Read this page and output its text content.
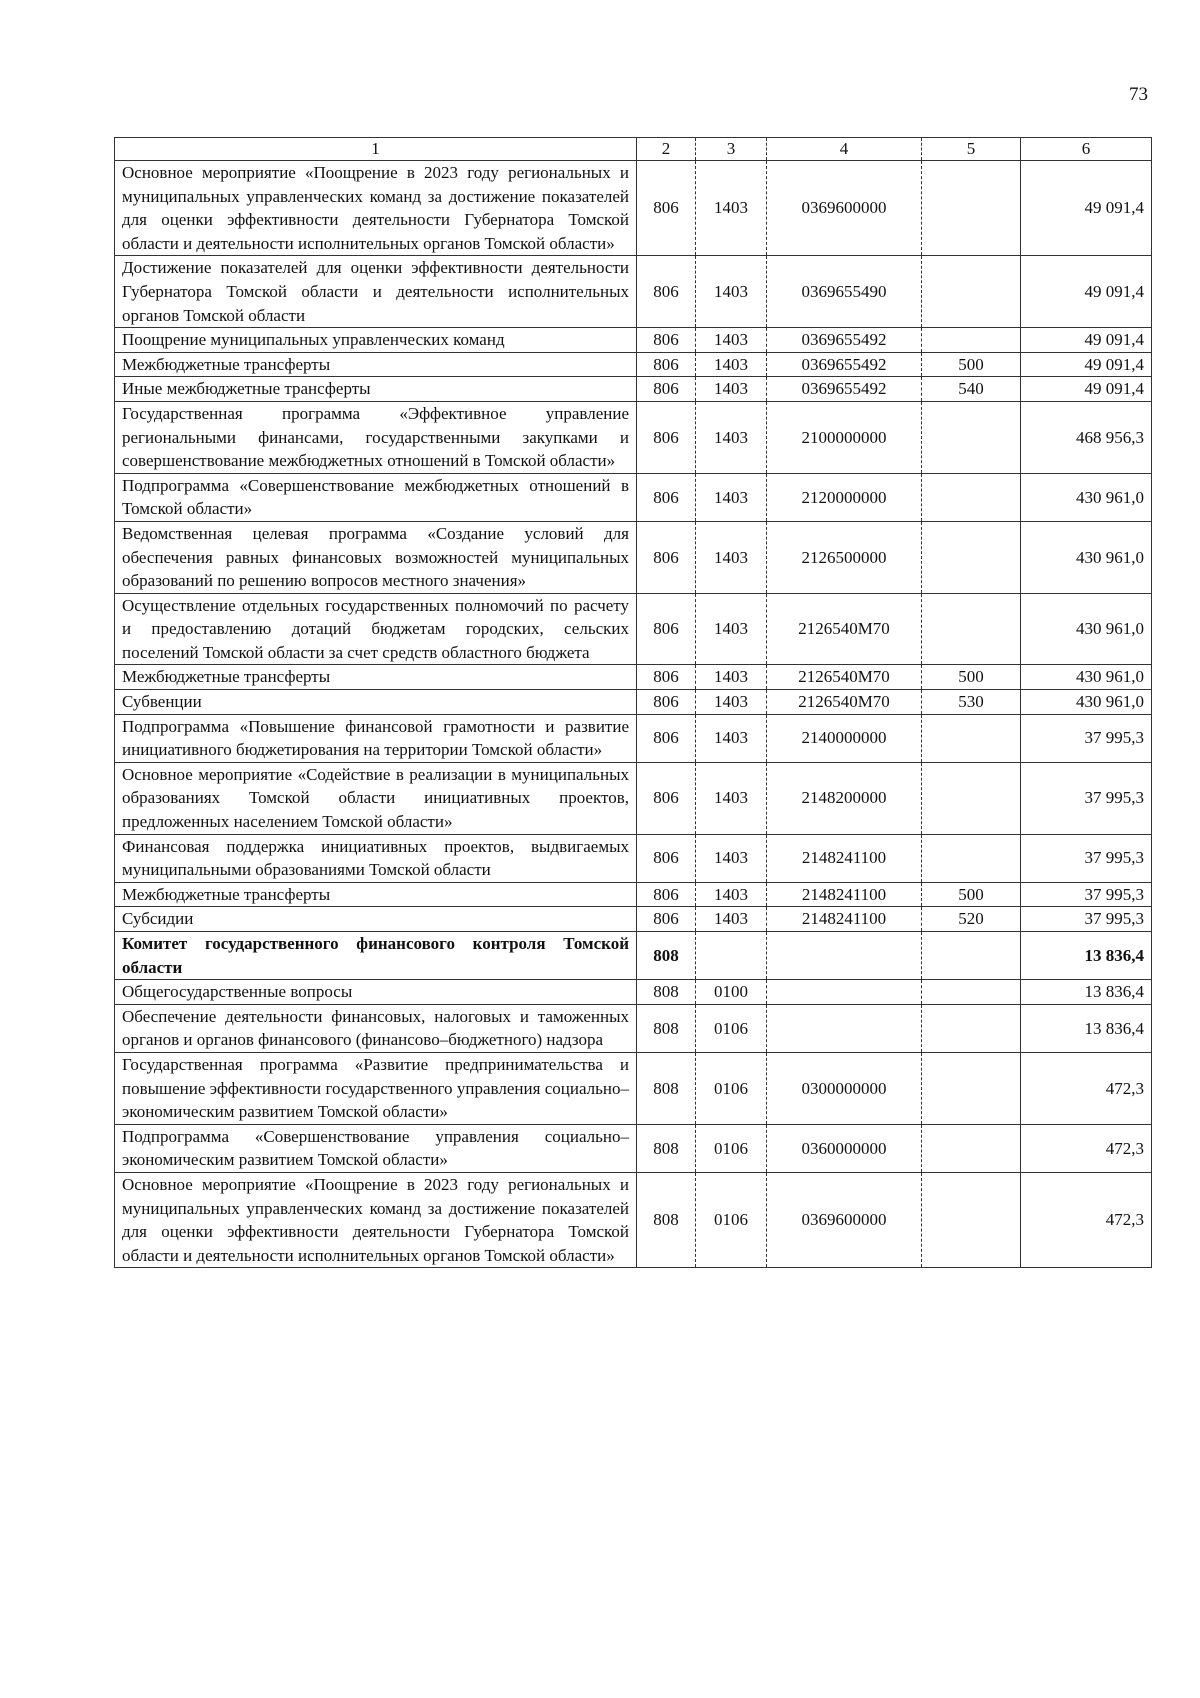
73
1	2	3	4	5	6
Основное мероприятие «Поощрение в 2023 году региональных и муниципальных управленческих команд за достижение показателей для оценки эффективности деятельности Губернатора Томской области и деятельности исполнительных органов Томской области»	806	1403	0369600000		49 091,4
Достижение показателей для оценки эффективности деятельности Губернатора Томской области и деятельности исполнительных органов Томской области	806	1403	0369655490		49 091,4
Поощрение муниципальных управленческих команд	806	1403	0369655492		49 091,4
Межбюджетные трансферты	806	1403	0369655492	500	49 091,4
Иные межбюджетные трансферты	806	1403	0369655492	540	49 091,4
Государственная программа «Эффективное управление региональными финансами, государственными закупками и совершенствование межбюджетных отношений в Томской области»	806	1403	2100000000		468 956,3
Подпрограмма «Совершенствование межбюджетных отношений в Томской области»	806	1403	2120000000		430 961,0
Ведомственная целевая программа «Создание условий для обеспечения равных финансовых возможностей муниципальных образований по решению вопросов местного значения»	806	1403	2126500000		430 961,0
Осуществление отдельных государственных полномочий по расчету и предоставлению дотаций бюджетам городских, сельских поселений Томской области за счет средств областного бюджета	806	1403	2126540М70		430 961,0
Межбюджетные трансферты	806	1403	2126540М70	500	430 961,0
Субвенции	806	1403	2126540М70	530	430 961,0
Подпрограмма «Повышение финансовой грамотности и развитие инициативного бюджетирования на территории Томской области»	806	1403	2140000000		37 995,3
Основное мероприятие «Содействие в реализации в муниципальных образованиях Томской области инициативных проектов, предложенных населением Томской области»	806	1403	2148200000		37 995,3
Финансовая поддержка инициативных проектов, выдвигаемых муниципальными образованиями Томской области	806	1403	2148241100		37 995,3
Межбюджетные трансферты	806	1403	2148241100	500	37 995,3
Субсидии	806	1403	2148241100	520	37 995,3
Комитет государственного финансового контроля Томской области	808				13 836,4
Общегосударственные вопросы	808	0100			13 836,4
Обеспечение деятельности финансовых, налоговых и таможенных органов и органов финансового (финансово–бюджетного) надзора	808	0106			13 836,4
Государственная программа «Развитие предпринимательства и повышение эффективности государственного управления социально–экономическим развитием Томской области»	808	0106	0300000000		472,3
Подпрограмма «Совершенствование управления социально–экономическим развитием Томской области»	808	0106	0360000000		472,3
Основное мероприятие «Поощрение в 2023 году региональных и муниципальных управленческих команд за достижение показателей для оценки эффективности деятельности Губернатора Томской области и деятельности исполнительных органов Томской области»	808	0106	0369600000		472,3
